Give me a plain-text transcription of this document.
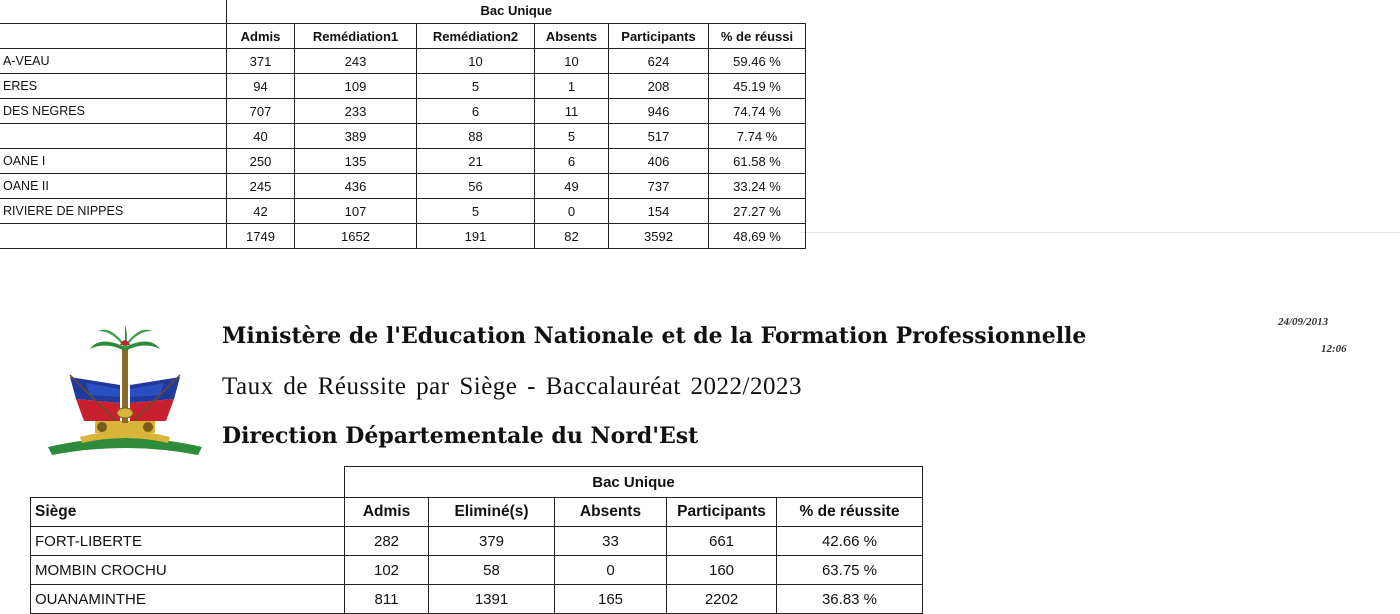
	Bac Unique					
	Admis	Remédiation1	Remédiation2	Absents	Participants	% de réussi
A-VEAU	371	243	10	10	624	59.46 %
ERES	94	109	5	1	208	45.19 %
DES NEGRES	707	233	6	11	946	74.74 %
	40	389	88	5	517	7.74 %
OANE I	250	135	21	6	406	61.58 %
OANE II	245	436	56	49	737	33.24 %
RIVIERE DE NIPPES	42	107	5	0	154	27.27 %
	1749	1652	191	82	3592	48.69 %
Ministère de l'Education Nationale et de la Formation Professionnelle
Taux de Réussite par Siège - Baccalauréat 2022/2023
Direction Départementale du Nord'Est
24/09/2013
12:06
	Bac Unique				
Siège	Admis	Eliminé(s)	Absents	Participants	% de réussite
FORT-LIBERTE	282	379	33	661	42.66 %
MOMBIN CROCHU	102	58	0	160	63.75 %
OUANAMINTHE	811	1391	165	2202	36.83 %
